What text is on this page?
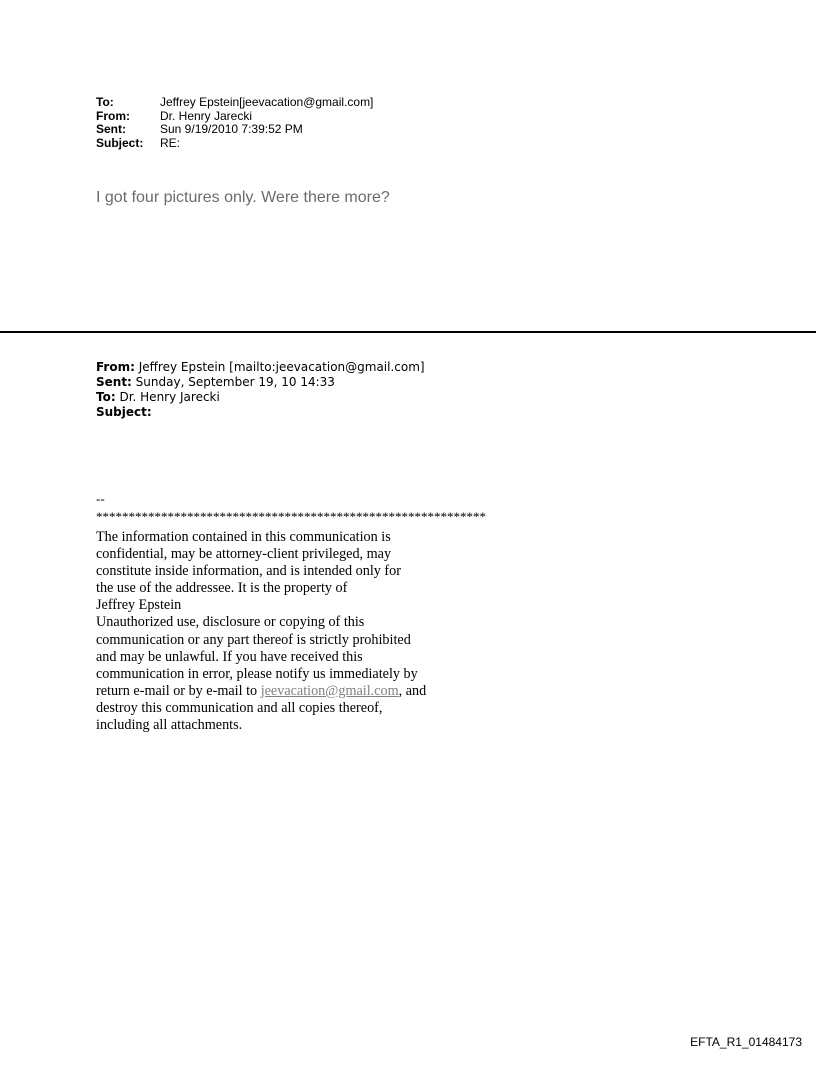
To:	Jeffrey Epstein[jeevacation@gmail.com]
From:	Dr. Henry Jarecki
Sent:	Sun 9/19/2010 7:39:52 PM
Subject:	RE:
I got four pictures only. Were there more?
From: Jeffrey Epstein [mailto:jeevacation@gmail.com]
Sent: Sunday, September 19, 10 14:33
To: Dr. Henry Jarecki
Subject:
--
************************************************************
The information contained in this communication is
confidential, may be attorney-client privileged, may
constitute inside information, and is intended only for
the use of the addressee. It is the property of
Jeffrey Epstein
Unauthorized use, disclosure or copying of this
communication or any part thereof is strictly prohibited
and may be unlawful. If you have received this
communication in error, please notify us immediately by
return e-mail or by e-mail to jeevacation@gmail.com, and
destroy this communication and all copies thereof,
including all attachments.
EFTA_R1_01484173
